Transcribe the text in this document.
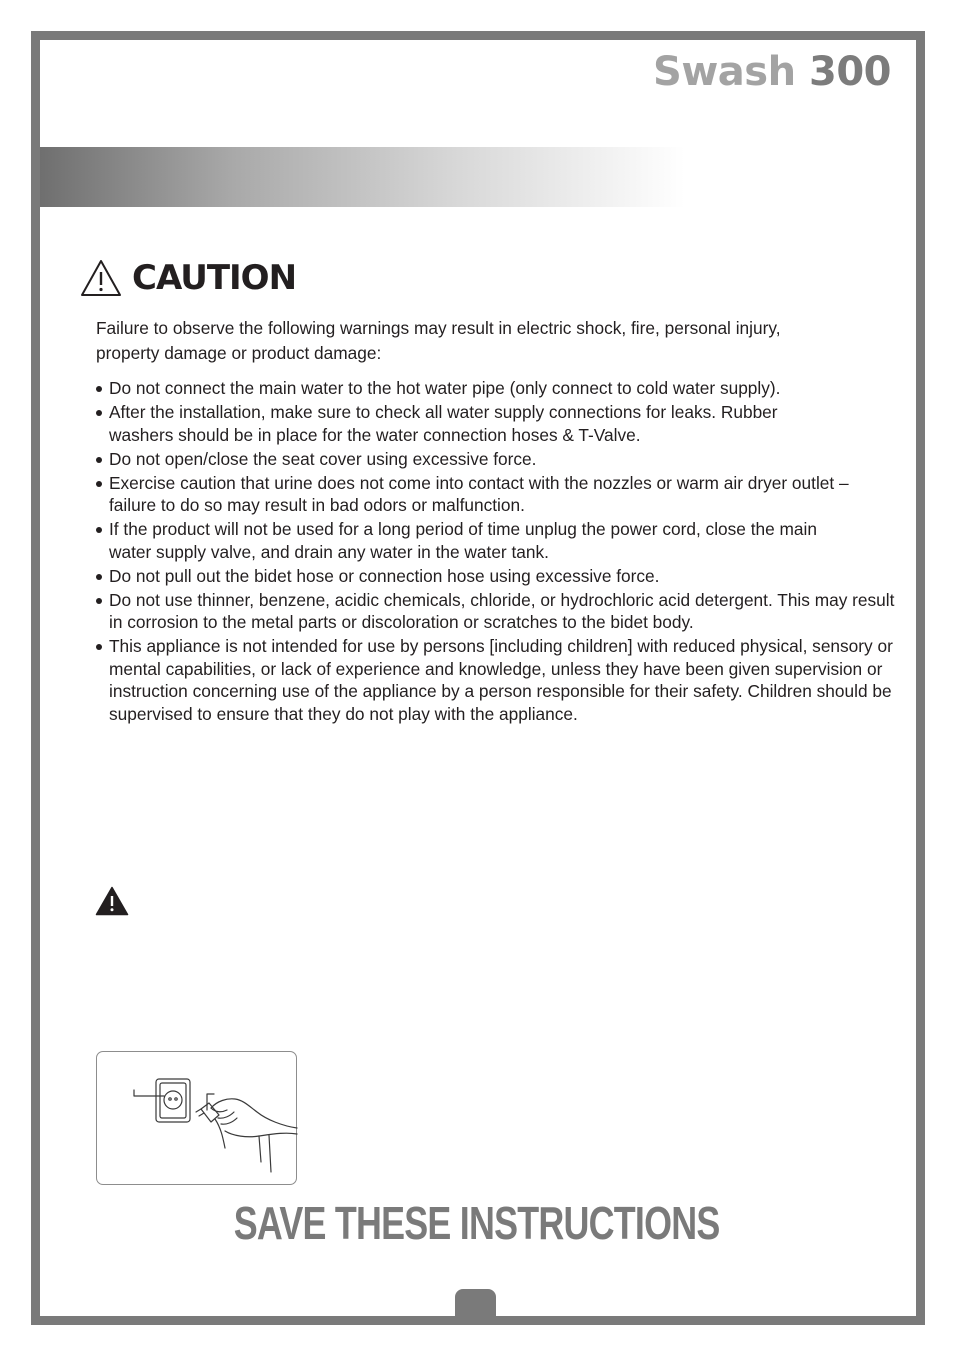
Swash 300
CAUTION
Failure to observe the following warnings may result in electric shock, fire, personal injury,
property damage or product damage:
Do not connect the main water to the hot water pipe (only connect to cold water supply).
After the installation, make sure to check all water supply connections for leaks. Rubber washers should be in place for the water connection hoses & T-Valve.
Do not open/close the seat cover using excessive force.
Exercise caution that urine does not come into contact with the nozzles or warm air dryer outlet – failure to do so may result in bad odors or malfunction.
If the product will not be used for a long period of time unplug the power cord, close the main water supply valve, and drain any water in the water tank.
Do not pull out the bidet hose or connection hose using excessive force.
Do not use thinner, benzene, acidic chemicals, chloride, or hydrochloric acid detergent. This may result in corrosion to the metal parts or discoloration or scratches to the bidet body.
This appliance is not intended for use by persons [including children] with reduced physical, sensory or mental capabilities, or lack of experience and knowledge, unless they have been given supervision or instruction concerning use of the appliance by a person responsible for their safety. Children should be supervised to ensure that they do not play with the appliance.
SAVE THESE INSTRUCTIONS
